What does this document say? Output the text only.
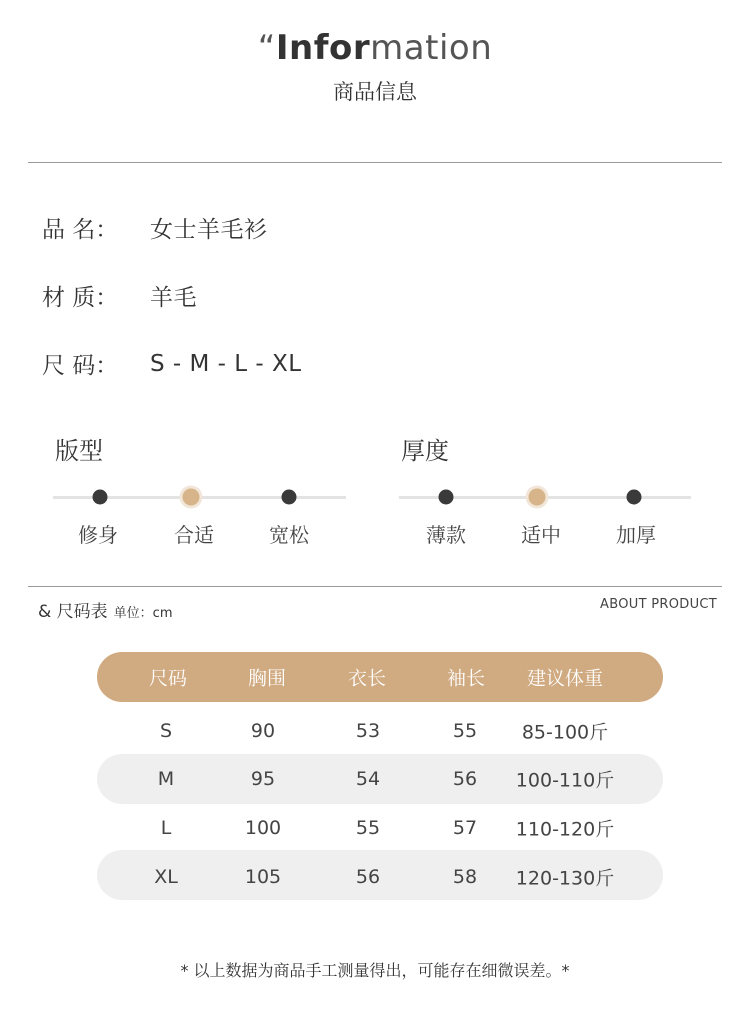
“Information
商品信息
品 名：	女士羊毛衫
材 质：	羊毛
尺 码：	S - M - L - XL
版型
修身	合适	宽松
厚度
薄款	适中	加厚
& 尺码表 单位：cm
ABOUT PRODUCT
尺码	胸围	衣长	袖长 建议体重
S	90	53	55 85-100斤
M	95	54	56 100-110斤
L	100	55	57 110-120斤
XL	105	56	58 120-130斤
* 以上数据为商品手工测量得出，可能存在细微误差。*
